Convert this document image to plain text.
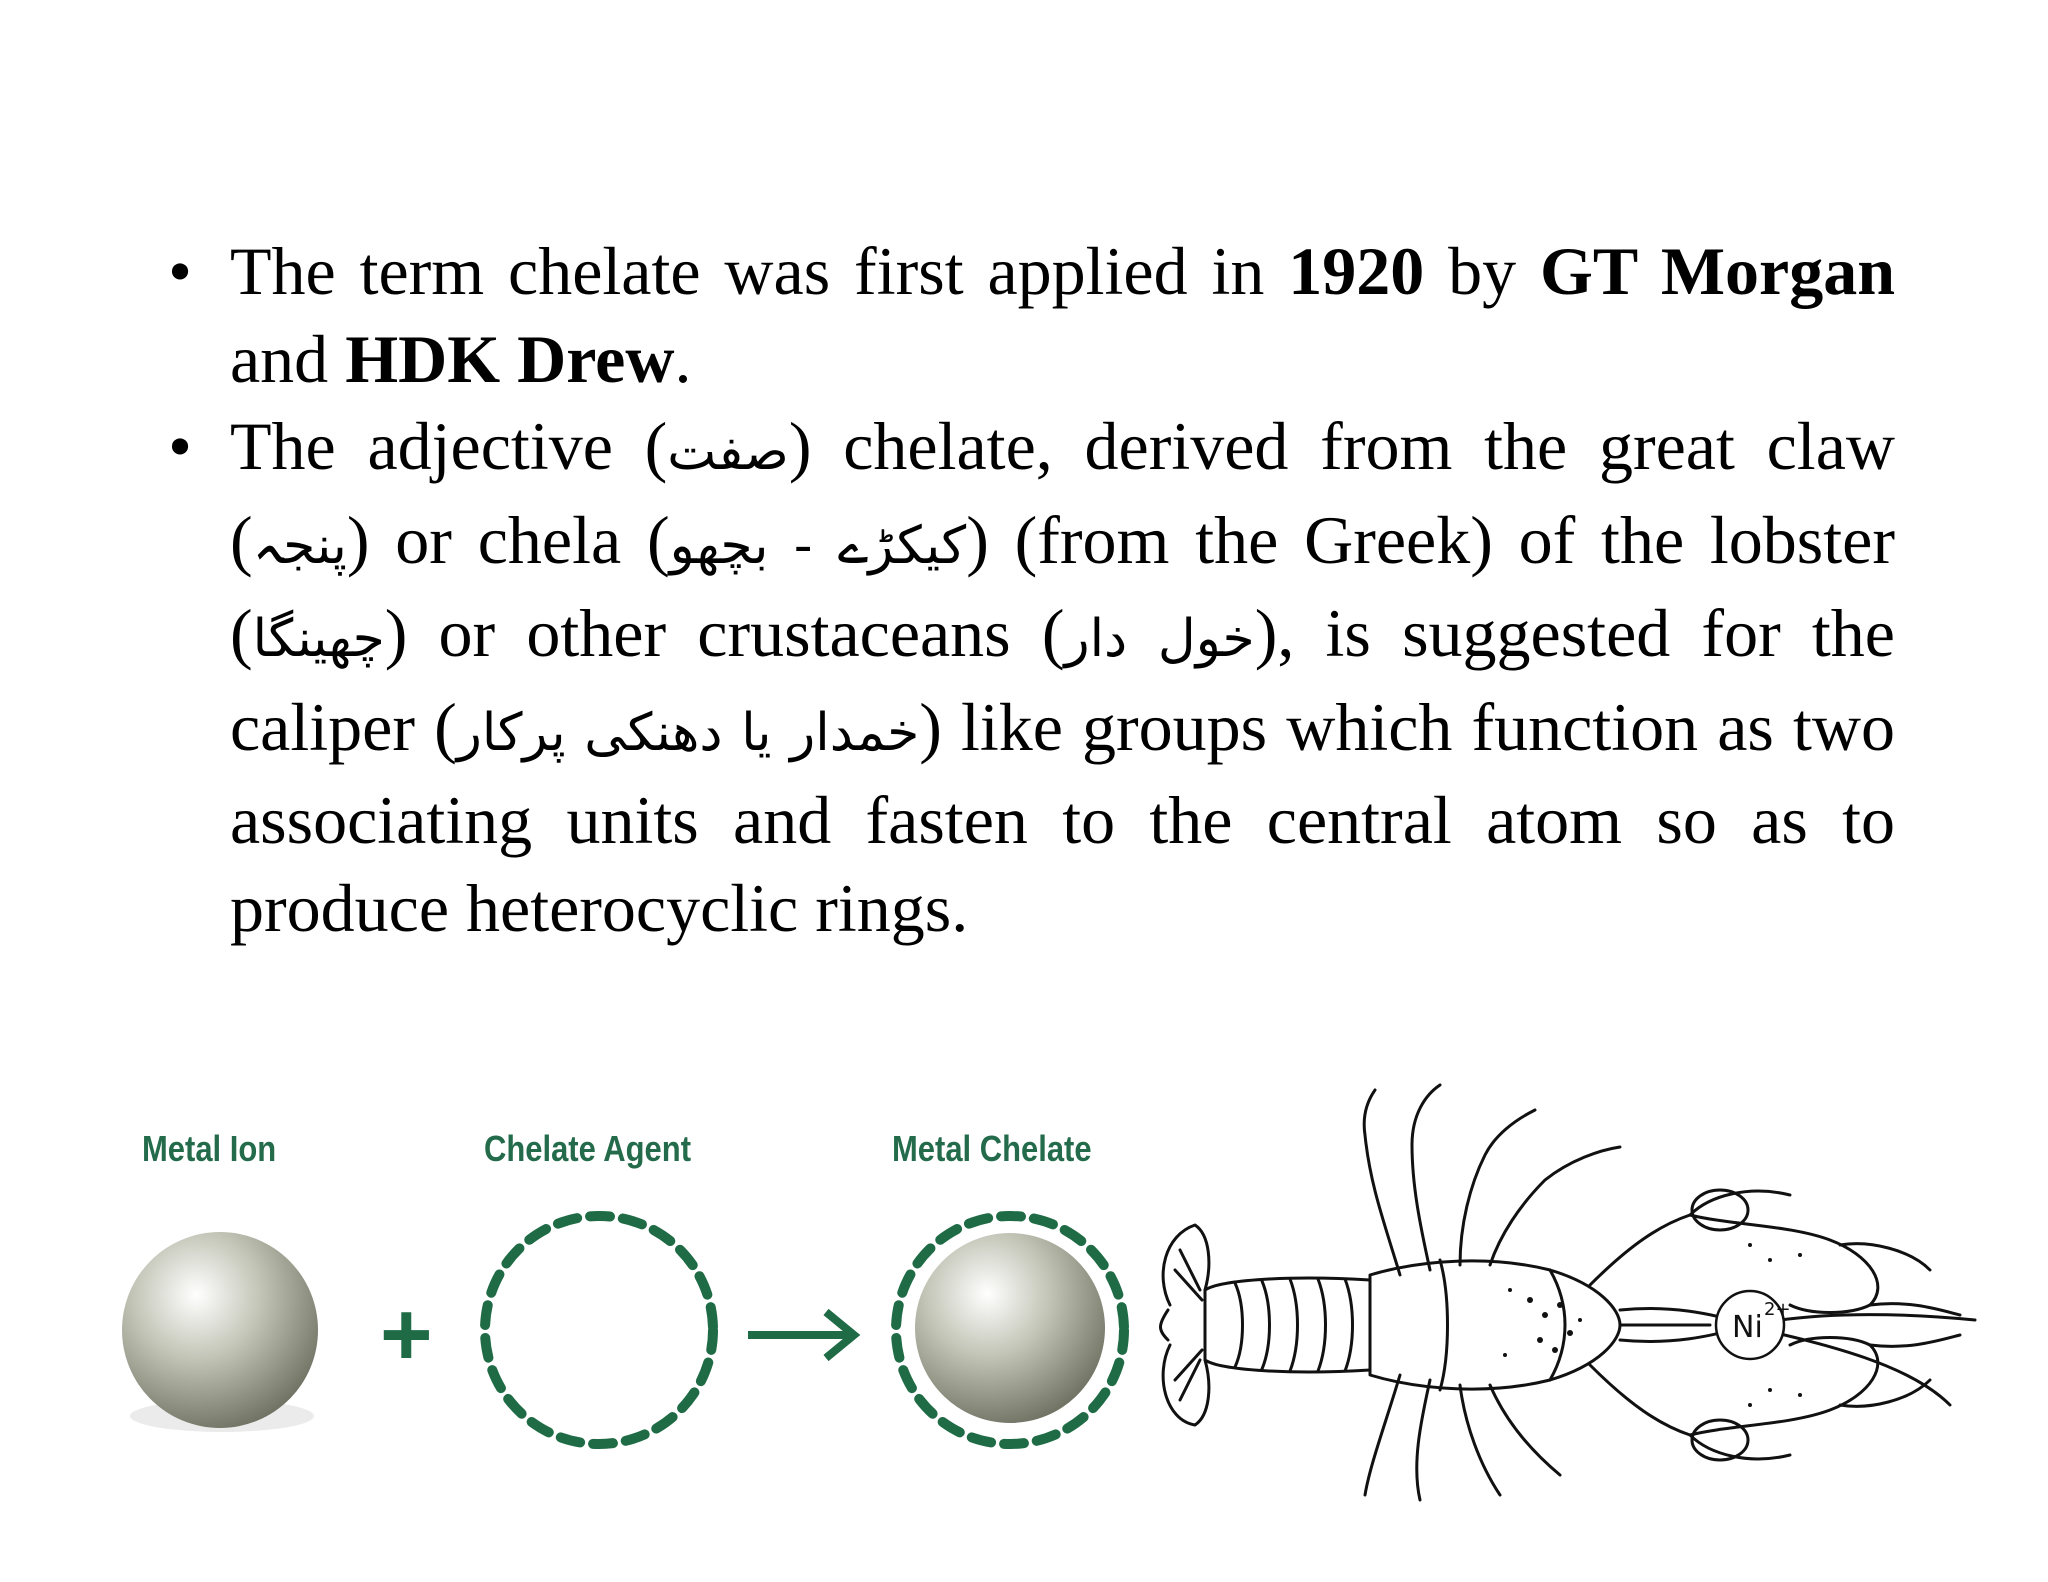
• The term chelate was first applied in 1920 by GT Morgan and HDK Drew.
• The adjective (صفت) chelate, derived from the great claw (پنجہ) or chela (کیکڑے - بچھو) (from the Greek) of the lobster (چھینگا) or other crustaceans (خول دار), is suggested for the caliper (خمدار یا دھنکی پرکار) like groups which function as two associating units and fasten to the central atom so as to produce heterocyclic rings.
Metal Ion	Chelate Agent	Metal Chelate
+	Ni
2+
